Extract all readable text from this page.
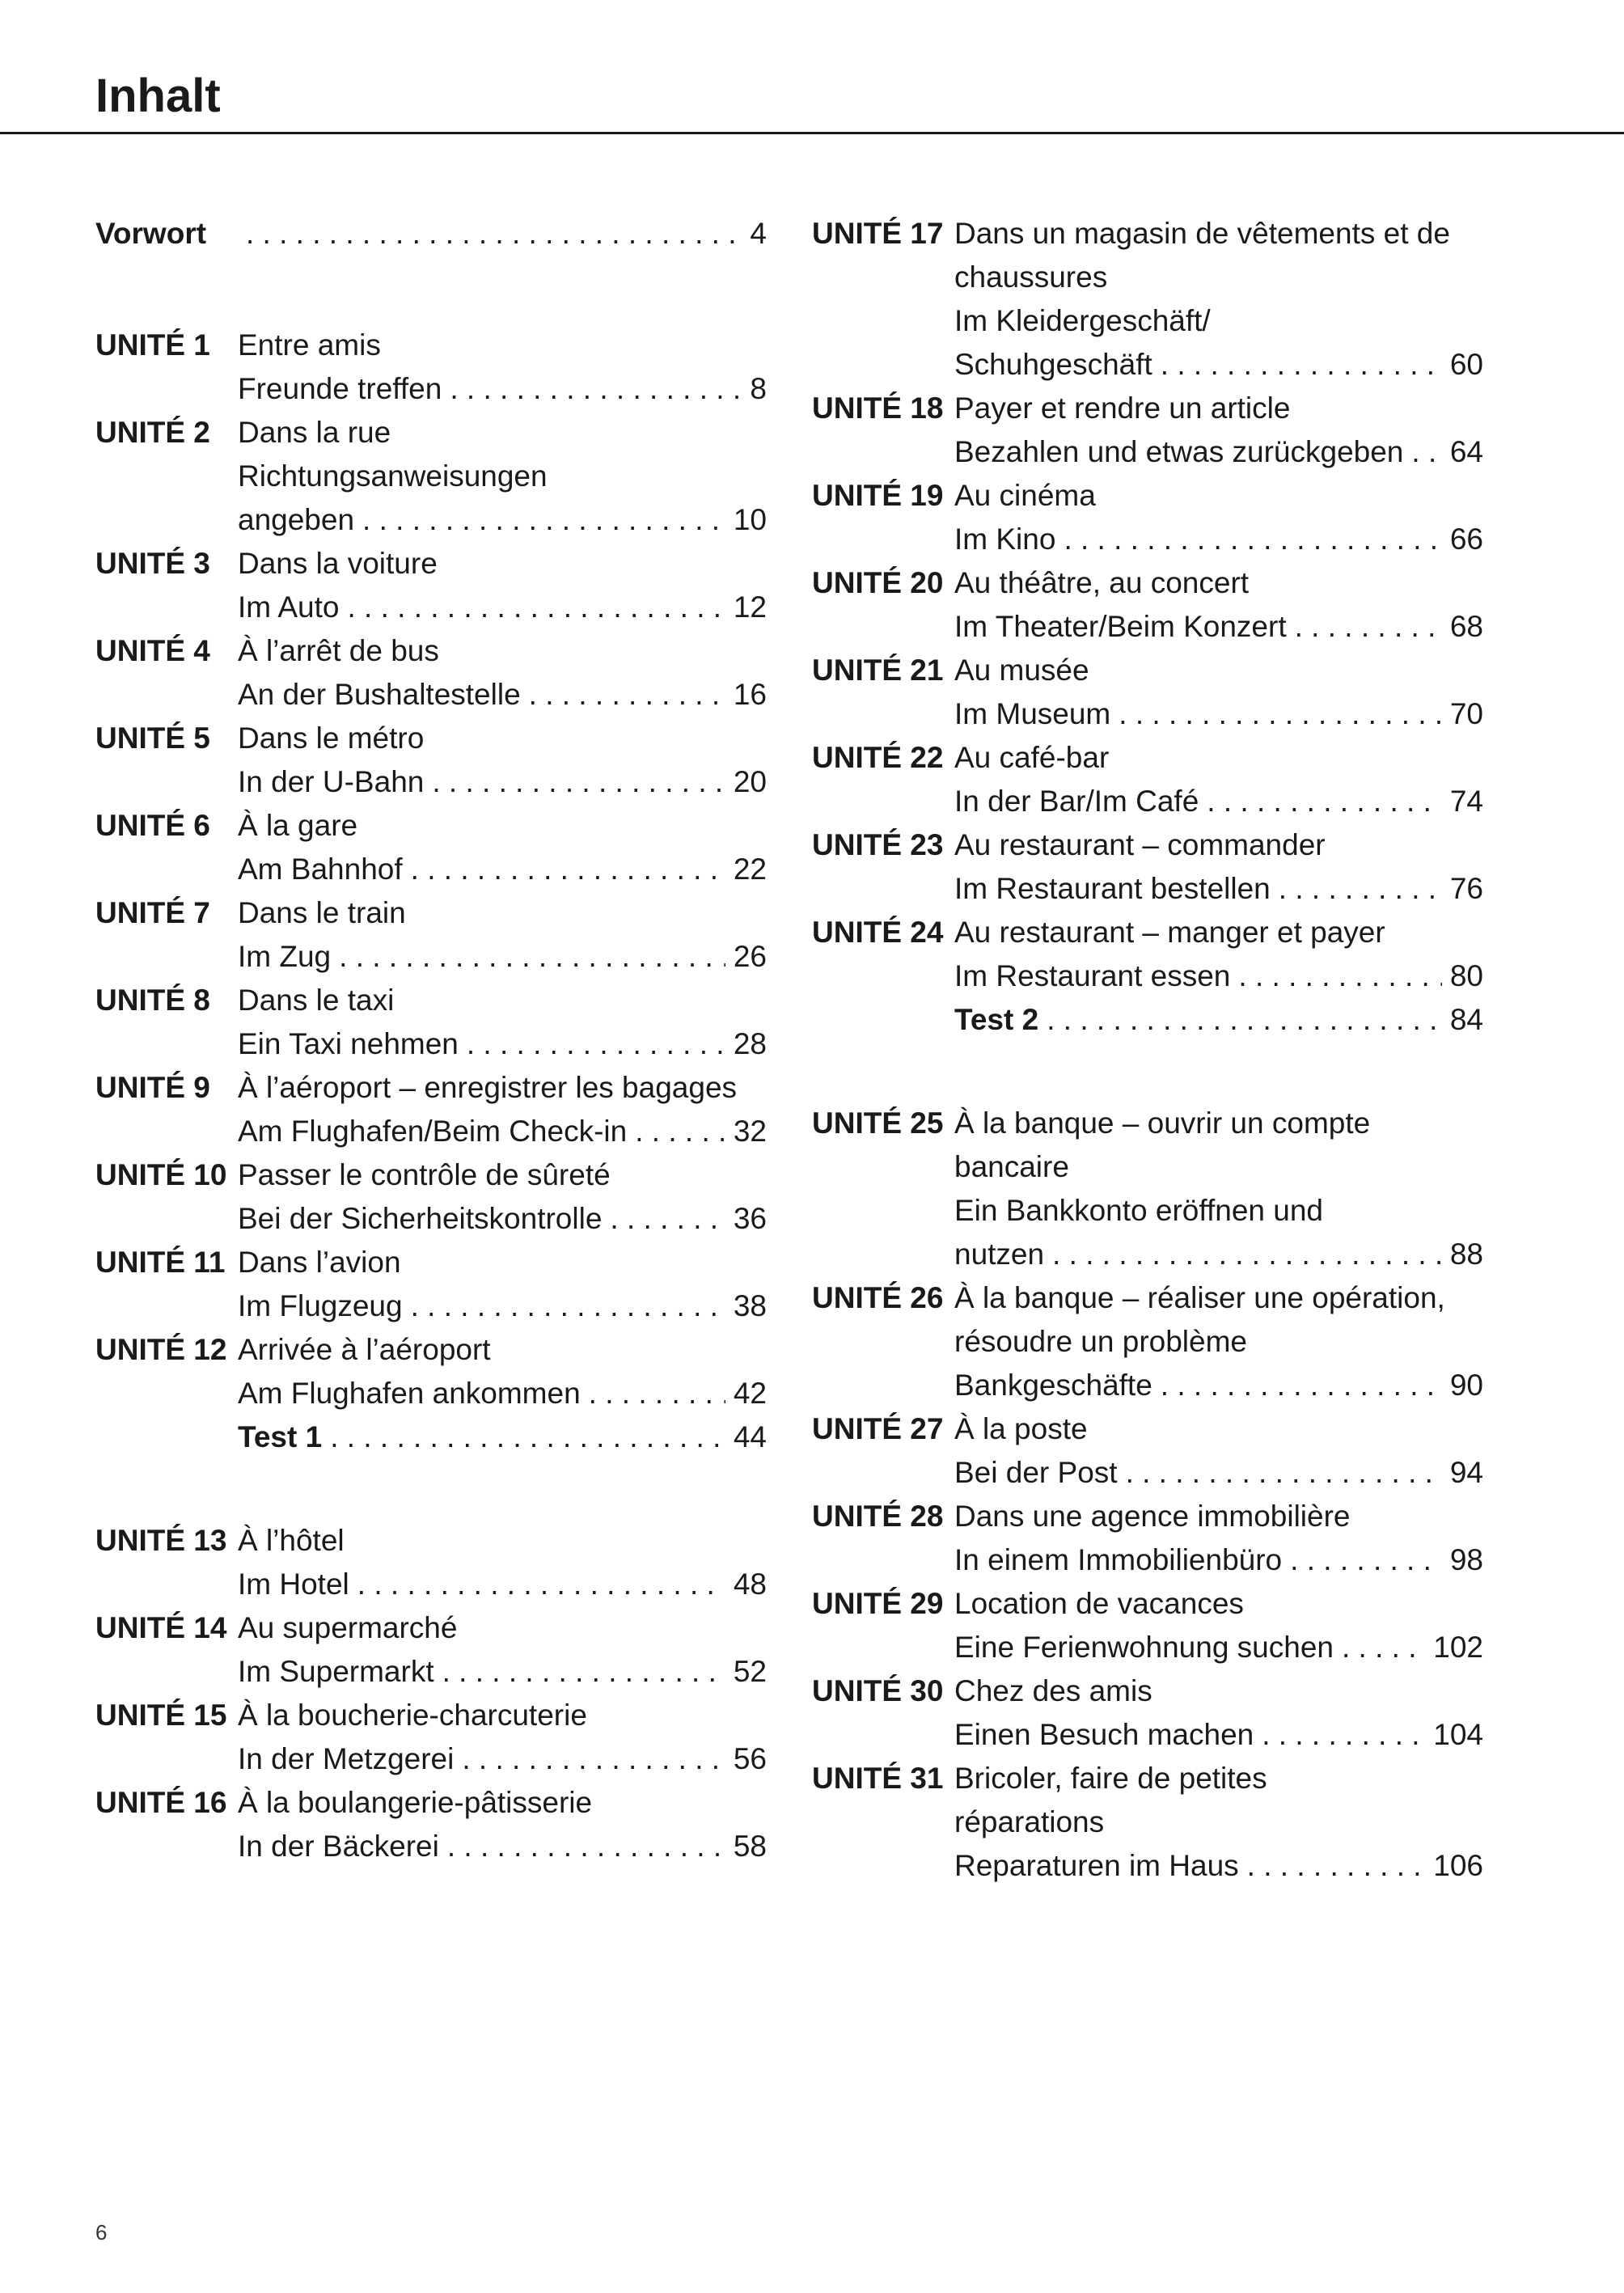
Inhalt
Vorwort . . .	4
UNITÉ 1 Entre amis
Freunde treffen . . .	8
UNITÉ 2 Dans la rue
Richtungsanweisungen
angeben . . .	10
UNITÉ 3 Dans la voiture
Im Auto . . .	12
UNITÉ 4 À l’arrêt de bus
An der Bushaltestelle . . .	16
UNITÉ 5 Dans le métro
In der U-Bahn . . .	20
UNITÉ 6 À la gare
Am Bahnhof . . .	22
UNITÉ 7 Dans le train
Im Zug . . .	26
UNITÉ 8 Dans le taxi
Ein Taxi nehmen . . .	28
UNITÉ 9 À l’aéroport – enregistrer les bagages
Am Flughafen/Beim Check-in . . .	32
UNITÉ 10 Passer le contrôle de sûreté
Bei der Sicherheitskontrolle . . .	36
UNITÉ 11 Dans l’avion
Im Flugzeug . . .	38
UNITÉ 12 Arrivée à l’aéroport
Am Flughafen ankommen . . .	42
Test 1 . . .	44
UNITÉ 13 À l’hôtel
Im Hotel . . .	48
UNITÉ 14 Au supermarché
Im Supermarkt . . .	52
UNITÉ 15 À la boucherie-charcuterie
In der Metzgerei . . .	56
UNITÉ 16 À la boulangerie-pâtisserie
In der Bäckerei . . .	58
UNITÉ 17 Dans un magasin de vêtements et de
chaussures
Im Kleidergeschäft/
Schuhgeschäft . . .	60
UNITÉ 18 Payer et rendre un article
Bezahlen und etwas zurückgeben . . . 64
UNITÉ 19 Au cinéma
Im Kino . . .	66
UNITÉ 20 Au théâtre, au concert
Im Theater/Beim Konzert . . .	68
UNITÉ 21 Au musée
Im Museum . . .	70
UNITÉ 22 Au café-bar
In der Bar/Im Café . . .	74
UNITÉ 23 Au restaurant – commander
Im Restaurant bestellen . . .	76
UNITÉ 24 Au restaurant – manger et payer
Im Restaurant essen . . .	80
Test 2 . . .	84
UNITÉ 25 À la banque – ouvrir un compte
bancaire
Ein Bankkonto eröffnen und
nutzen . . .	88
UNITÉ 26 À la banque – réaliser une opération,
résoudre un problème
Bankgeschäfte . . .	90
UNITÉ 27 À la poste
Bei der Post . . .	94
UNITÉ 28 Dans une agence immobilière
In einem Immobilienbüro . . .	98
UNITÉ 29 Location de vacances
Eine Ferienwohnung suchen . . .	102
UNITÉ 30 Chez des amis
Einen Besuch machen . . .	104
UNITÉ 31 Bricoler, faire de petites
réparations
Reparaturen im Haus . . .	106
6
